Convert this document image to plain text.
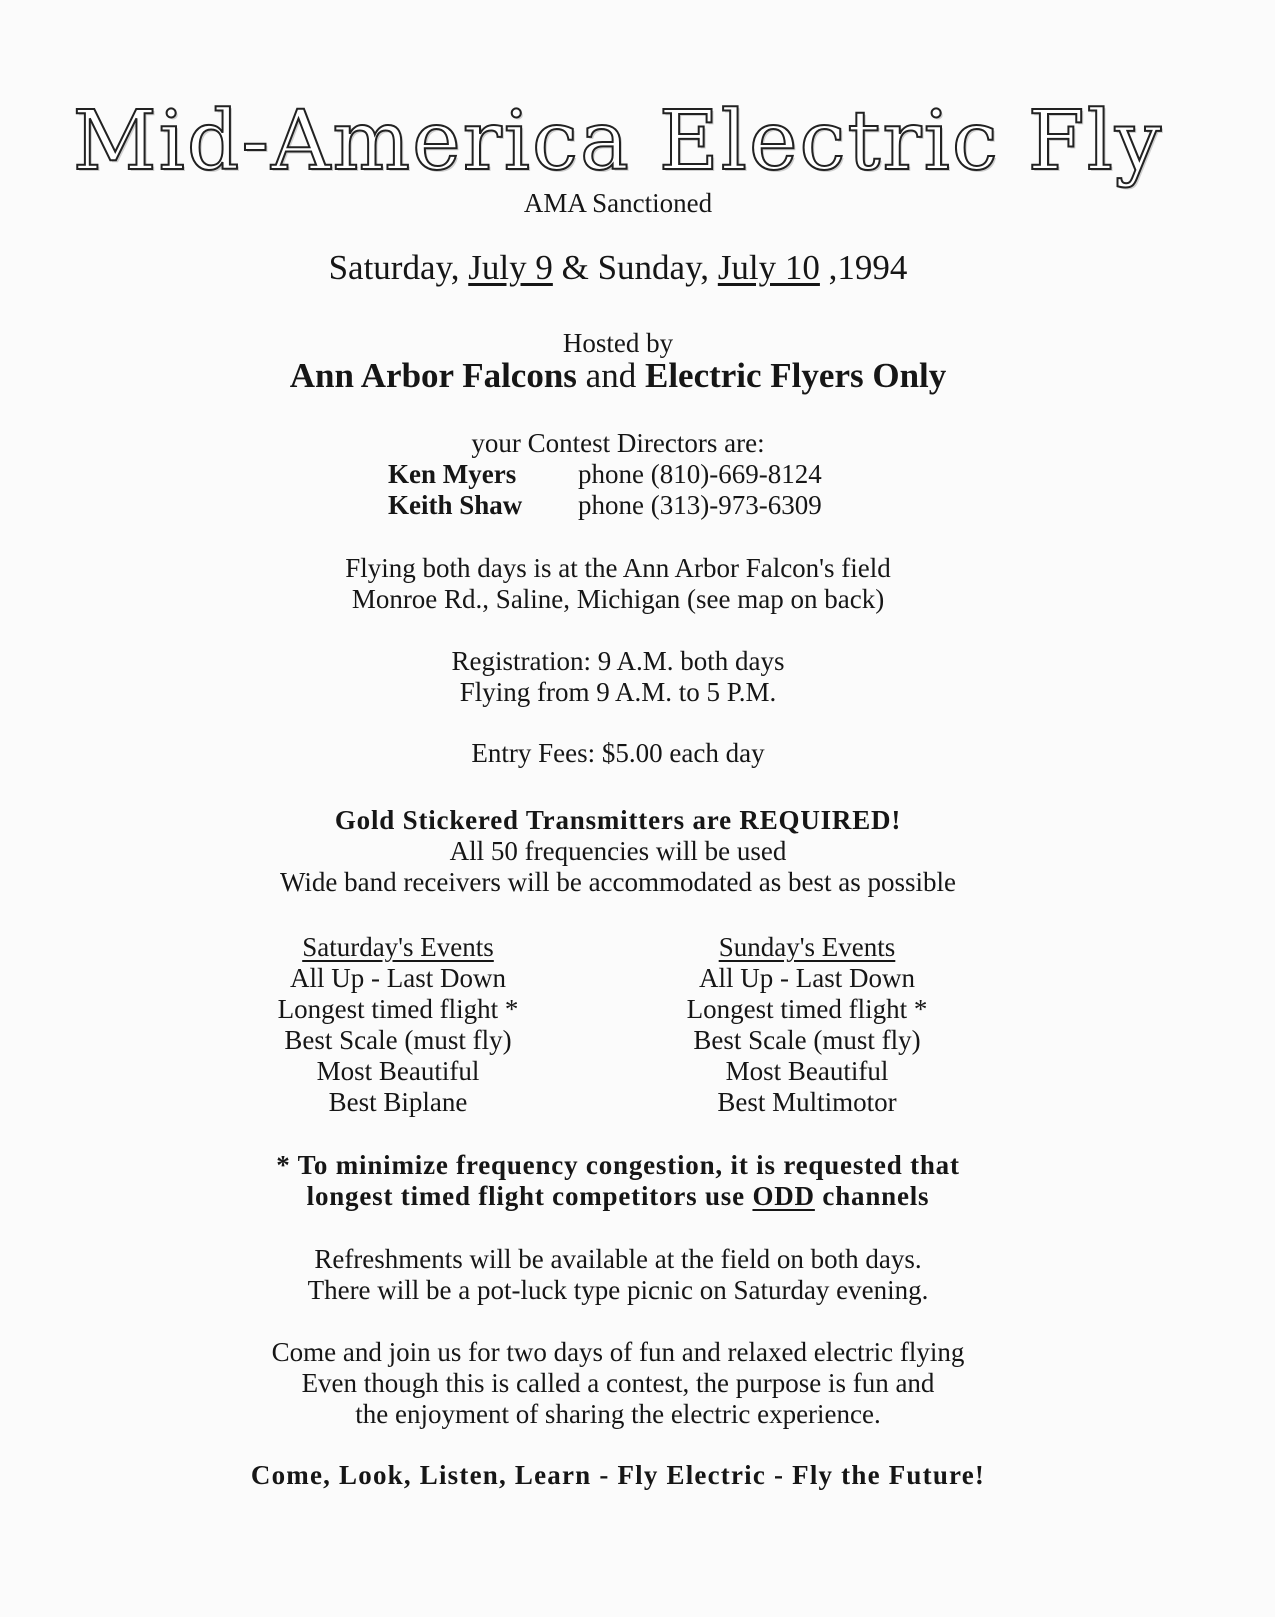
Mid-America Electric Fly
AMA Sanctioned
Saturday, July 9 & Sunday, July 10 ,1994
Hosted by
Ann Arbor Falcons and Electric Flyers Only
your Contest Directors are:
Ken Myers	phone (810)-669-8124
Keith Shaw	phone (313)-973-6309
Flying both days is at the Ann Arbor Falcon's field
Monroe Rd., Saline, Michigan (see map on back)
Registration: 9 A.M. both days
Flying from 9 A.M. to 5 P.M.
Entry Fees: $5.00 each day
Gold Stickered Transmitters are REQUIRED!
All 50 frequencies will be used
Wide band receivers will be accommodated as best as possible
Saturday's Events
All Up - Last Down
Longest timed flight *
Best Scale (must fly)
Most Beautiful
Best Biplane
Sunday's Events
All Up - Last Down
Longest timed flight *
Best Scale (must fly)
Most Beautiful
Best Multimotor
* To minimize frequency congestion, it is requested that
longest timed flight competitors use ODD channels
Refreshments will be available at the field on both days.
There will be a pot-luck type picnic on Saturday evening.
Come and join us for two days of fun and relaxed electric flying
Even though this is called a contest, the purpose is fun and
the enjoyment of sharing the electric experience.
Come, Look, Listen, Learn - Fly Electric - Fly the Future!
